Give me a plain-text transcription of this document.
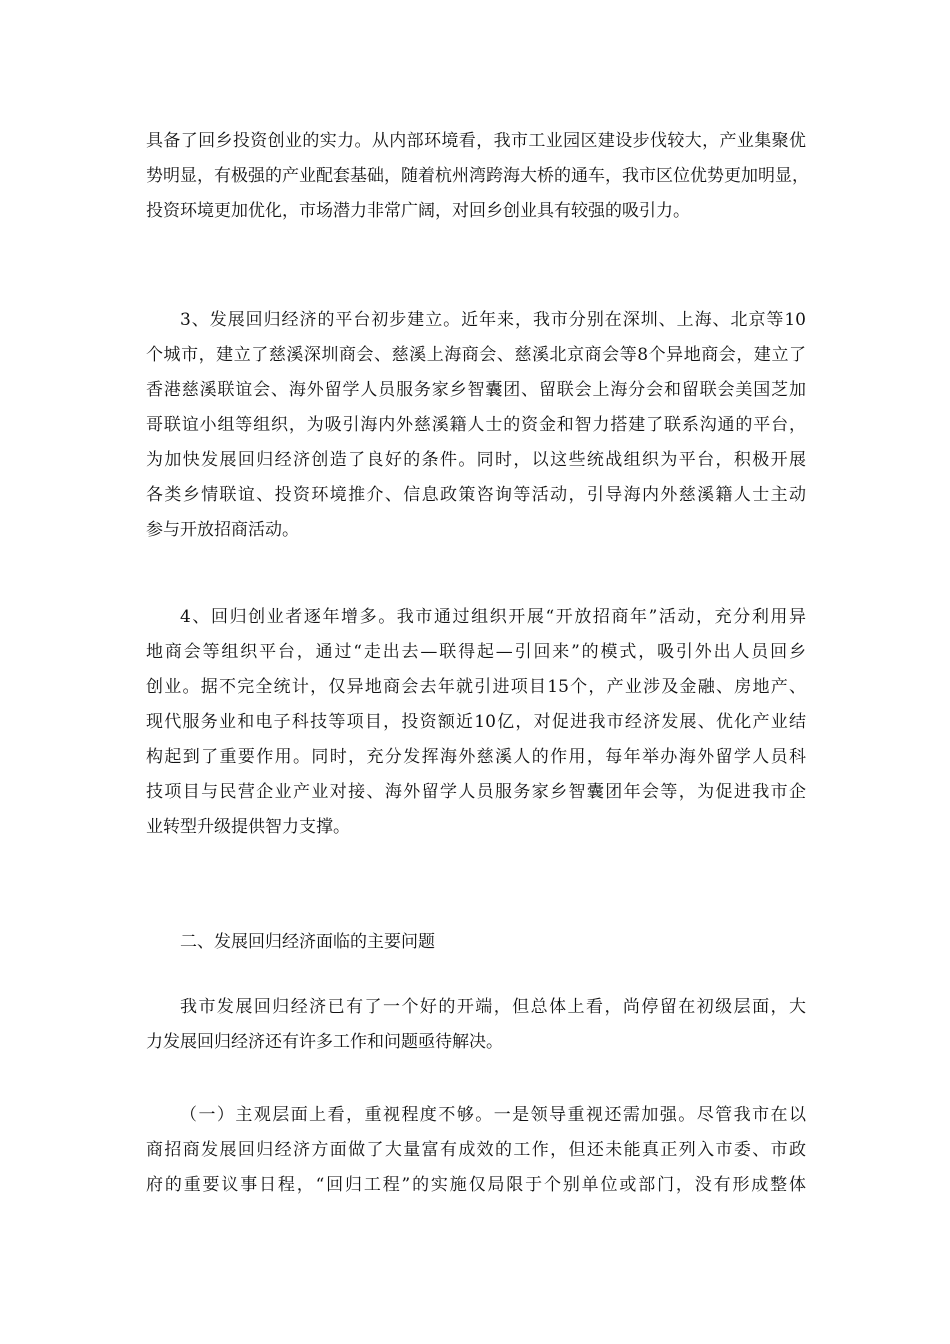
具备了回乡投资创业的实力。从内部环境看，我市工业园区建设步伐较大，产业集聚优
势明显，有极强的产业配套基础，随着杭州湾跨海大桥的通车，我市区位优势更加明显，
投资环境更加优化，市场潜力非常广阔，对回乡创业具有较强的吸引力。
3、发展回归经济的平台初步建立。近年来，我市分别在深圳、上海、北京等10
个城市，建立了慈溪深圳商会、慈溪上海商会、慈溪北京商会等8个异地商会，建立了
香港慈溪联谊会、海外留学人员服务家乡智囊团、留联会上海分会和留联会美国芝加
哥联谊小组等组织，为吸引海内外慈溪籍人士的资金和智力搭建了联系沟通的平台，
为加快发展回归经济创造了良好的条件。同时，以这些统战组织为平台，积极开展
各类乡情联谊、投资环境推介、信息政策咨询等活动，引导海内外慈溪籍人士主动
参与开放招商活动。
4、回归创业者逐年增多。我市通过组织开展“开放招商年”活动，充分利用异
地商会等组织平台，通过“走出去—联得起—引回来”的模式，吸引外出人员回乡
创业。据不完全统计，仅异地商会去年就引进项目15个，产业涉及金融、房地产、
现代服务业和电子科技等项目，投资额近10亿，对促进我市经济发展、优化产业结
构起到了重要作用。同时，充分发挥海外慈溪人的作用，每年举办海外留学人员科
技项目与民营企业产业对接、海外留学人员服务家乡智囊团年会等，为促进我市企
业转型升级提供智力支撑。
二、发展回归经济面临的主要问题
我市发展回归经济已有了一个好的开端，但总体上看，尚停留在初级层面，大
力发展回归经济还有许多工作和问题亟待解决。
（一）主观层面上看，重视程度不够。一是领导重视还需加强。尽管我市在以
商招商发展回归经济方面做了大量富有成效的工作，但还未能真正列入市委、市政
府的重要议事日程，“回归工程”的实施仅局限于个别单位或部门，没有形成整体
